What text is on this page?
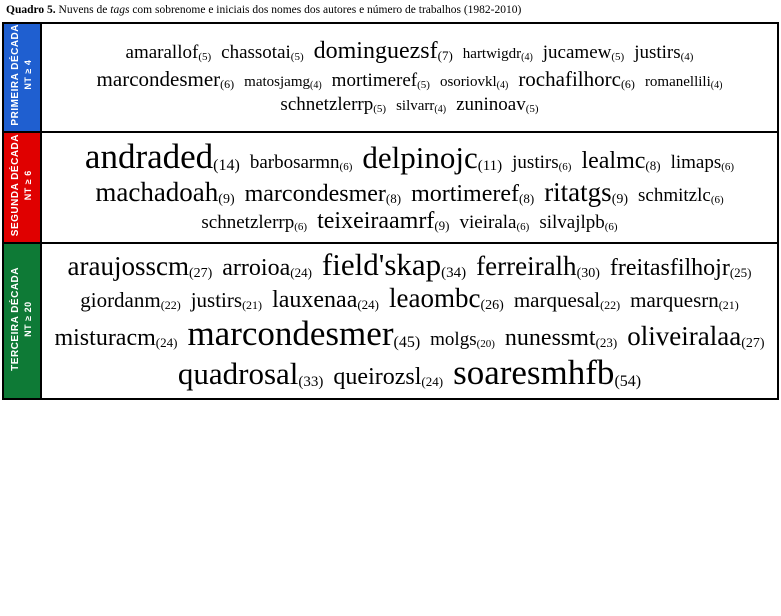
Quadro 5. Nuvens de tags com sobrenome e iniciais dos nomes dos autores e número de trabalhos (1982-2010)
PRIMEIRA DÉCADA NT ≥ 4	amarallof(5) chassotai(5) dominguezsf(7) hartwigdr(4) jucamew(5) justirs(4) marcondesmer(6) matosjamg(4) mortimeref(5) osoriovkl(4) rochafilhorc(6) romanellili(4) schnetzlerrp(5) silvarr(4) zuninoav(5)

SEGUNDA DÉCADA NT ≥ 6	andraded(14) barbosarmn(6) delpinojc(11) justirs(6) lealmc(8) limaps(6) machadoah(9) marcondesmer(8) mortimeref(8) ritatgs(9) schmitzlc(6) schnetzlerrp(6) teixeiraamrf(9) vieirala(6) silvajlpb(6)

TERCEIRA DÉCADA NT ≥ 20	araujosscm(27) arroioa(24) field'skap(34) ferreiralh(30) freitasfilhojr(25) giordanm(22) justirs(21) lauxenaa(24) leaombc(26) marquesal(22) marquesrn(21) misturacm(24) marcondesmer(45) molgs(20) nunessmt(23) oliveiralaa(27) quadrosal(33) queirozsl(24) soaresmhfb(54)
